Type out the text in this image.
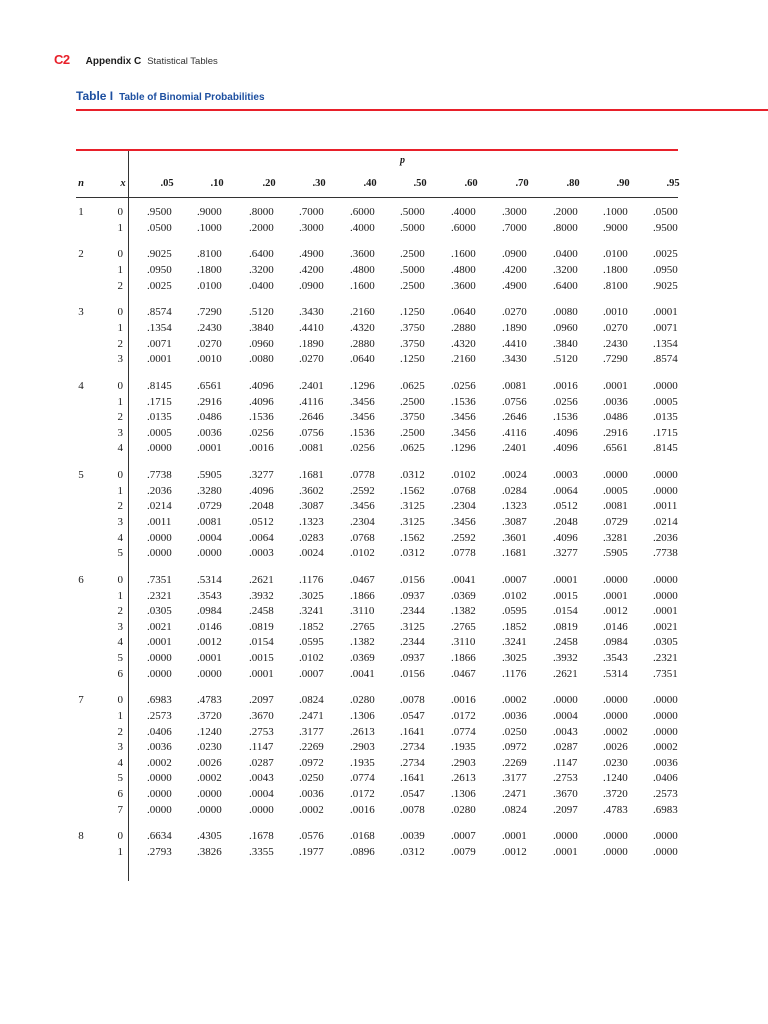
C2 Appendix C Statistical Tables
Table I Table of Binomial Probabilities
p
n	x	.05	.10	.20	.30	.40	.50	.60	.70	.80	.90	.95
1	0 .9500	.9000	.8000	.7000	.6000	.5000	.4000	.3000	.2000	.1000	.0500
1 .0500	.1000	.2000	.3000	.4000	.5000	.6000	.7000	.8000	.9000	.9500
2	0 .9025	.8100	.6400	.4900	.3600	.2500	.1600	.0900	.0400	.0100	.0025
1 .0950	.1800	.3200	.4200	.4800	.5000	.4800	.4200	.3200	.1800	.0950
2 .0025	.0100	.0400	.0900	.1600	.2500	.3600	.4900	.6400	.8100	.9025
3	0 .8574	.7290	.5120	.3430	.2160	.1250	.0640	.0270	.0080	.0010	.0001
1 .1354	.2430	.3840	.4410	.4320	.3750	.2880	.1890	.0960	.0270	.0071
2 .0071	.0270	.0960	.1890	.2880	.3750	.4320	.4410	.3840	.2430	.1354
3 .0001	.0010	.0080	.0270	.0640	.1250	.2160	.3430	.5120	.7290	.8574
4	0 .8145	.6561	.4096	.2401	.1296	.0625	.0256	.0081	.0016	.0001	.0000
1 .1715	.2916	.4096	.4116	.3456	.2500	.1536	.0756	.0256	.0036	.0005
2 .0135	.0486	.1536	.2646	.3456	.3750	.3456	.2646	.1536	.0486	.0135
3 .0005	.0036	.0256	.0756	.1536	.2500	.3456	.4116	.4096	.2916	.1715
4 .0000	.0001	.0016	.0081	.0256	.0625	.1296	.2401	.4096	.6561	.8145
5	0 .7738	.5905	.3277	.1681	.0778	.0312	.0102	.0024	.0003	.0000	.0000
1 .2036	.3280	.4096	.3602	.2592	.1562	.0768	.0284	.0064	.0005	.0000
2 .0214	.0729	.2048	.3087	.3456	.3125	.2304	.1323	.0512	.0081	.0011
3 .0011	.0081	.0512	.1323	.2304	.3125	.3456	.3087	.2048	.0729	.0214
4 .0000	.0004	.0064	.0283	.0768	.1562	.2592	.3601	.4096	.3281	.2036
5 .0000	.0000	.0003	.0024	.0102	.0312	.0778	.1681	.3277	.5905	.7738
6	0 .7351	.5314	.2621	.1176	.0467	.0156	.0041	.0007	.0001	.0000	.0000
1 .2321	.3543	.3932	.3025	.1866	.0937	.0369	.0102	.0015	.0001	.0000
2 .0305	.0984	.2458	.3241	.3110	.2344	.1382	.0595	.0154	.0012	.0001
3 .0021	.0146	.0819	.1852	.2765	.3125	.2765	.1852	.0819	.0146	.0021
4 .0001	.0012	.0154	.0595	.1382	.2344	.3110	.3241	.2458	.0984	.0305
5 .0000	.0001	.0015	.0102	.0369	.0937	.1866	.3025	.3932	.3543	.2321
6 .0000	.0000	.0001	.0007	.0041	.0156	.0467	.1176	.2621	.5314	.7351
7	0 .6983	.4783	.2097	.0824	.0280	.0078	.0016	.0002	.0000	.0000	.0000
1 .2573	.3720	.3670	.2471	.1306	.0547	.0172	.0036	.0004	.0000	.0000
2 .0406	.1240	.2753	.3177	.2613	.1641	.0774	.0250	.0043	.0002	.0000
3 .0036	.0230	.1147	.2269	.2903	.2734	.1935	.0972	.0287	.0026	.0002
4 .0002	.0026	.0287	.0972	.1935	.2734	.2903	.2269	.1147	.0230	.0036
5 .0000	.0002	.0043	.0250	.0774	.1641	.2613	.3177	.2753	.1240	.0406
6 .0000	.0000	.0004	.0036	.0172	.0547	.1306	.2471	.3670	.3720	.2573
7 .0000	.0000	.0000	.0002	.0016	.0078	.0280	.0824	.2097	.4783	.6983
8	0 .6634	.4305	.1678	.0576	.0168	.0039	.0007	.0001	.0000	.0000	.0000
1 .2793	.3826	.3355	.1977	.0896	.0312	.0079	.0012	.0001	.0000	.0000
